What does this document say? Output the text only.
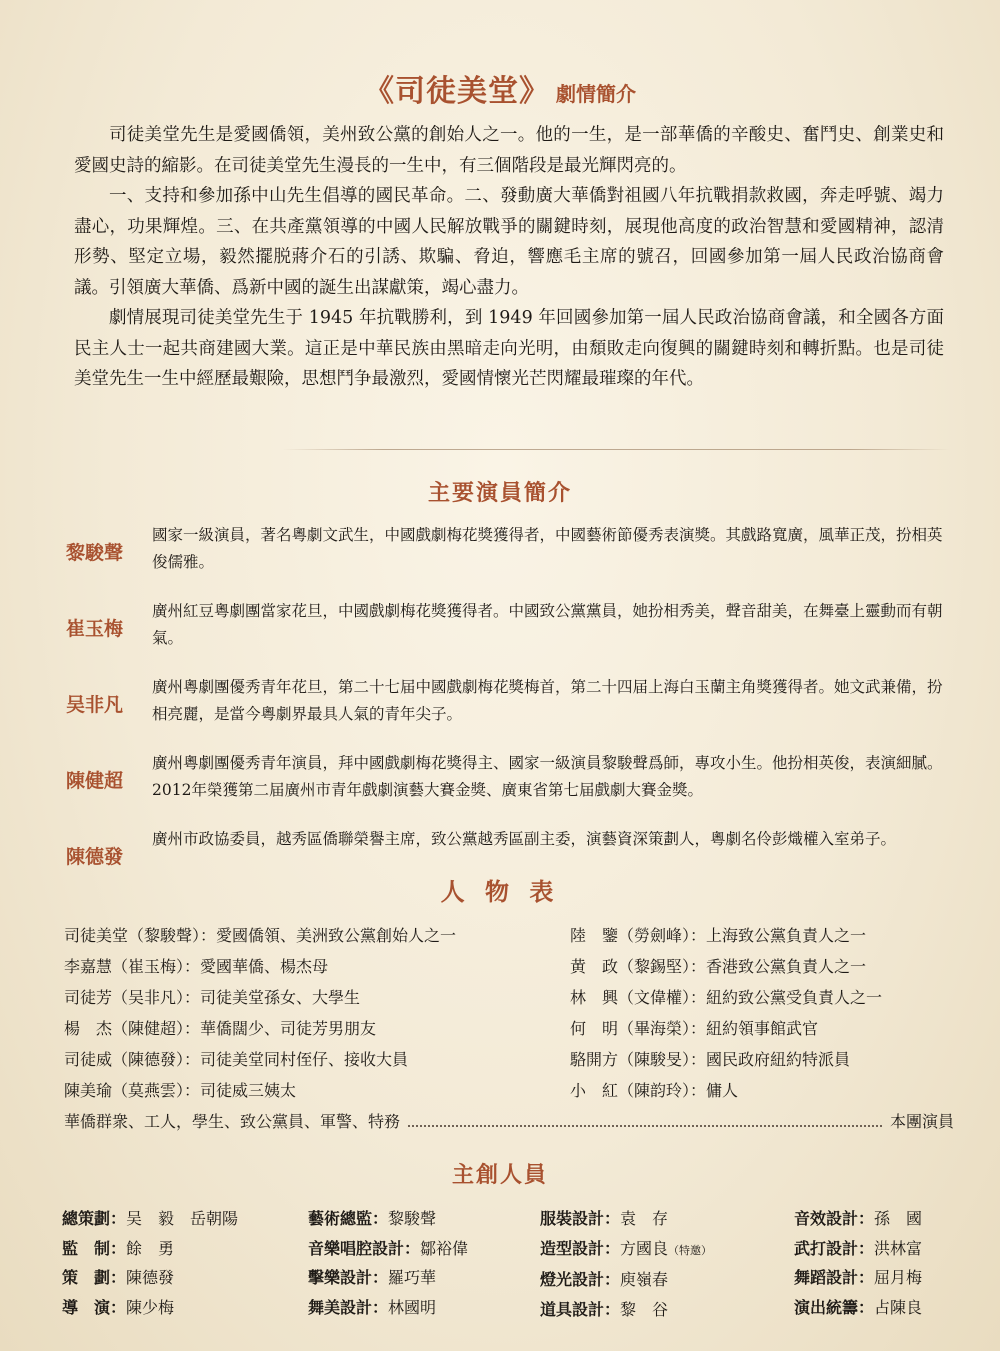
《司徒美堂》 劇情簡介

司徒美堂先生是愛國僑領，美州致公黨的創始人之一。他的一生，是一部華僑的辛酸史、奮鬥史、創業史和愛國史詩的縮影。在司徒美堂先生漫長的一生中，有三個階段是最光輝閃亮的。

一、支持和參加孫中山先生倡導的國民革命。二、發動廣大華僑對祖國八年抗戰捐款救國，奔走呼號、竭力盡心，功果輝煌。三、在共產黨領導的中國人民解放戰爭的關鍵時刻，展現他高度的政治智慧和愛國精神，認清形勢、堅定立場，毅然擺脱蔣介石的引誘、欺騙、脅迫，響應毛主席的號召，回國參加第一屆人民政治協商會議。引領廣大華僑、爲新中國的誕生出謀獻策，竭心盡力。

劇情展現司徒美堂先生于 1945 年抗戰勝利，到 1949 年回國參加第一屆人民政治協商會議，和全國各方面民主人士一起共商建國大業。這正是中華民族由黑暗走向光明，由頹敗走向復興的關鍵時刻和轉折點。也是司徒美堂先生一生中經歷最艱險，思想鬥争最激烈，愛國情懷光芒閃耀最璀璨的年代。

主要演員簡介
黎駿聲
國家一級演員，著名粵劇文武生，中國戲劇梅花獎獲得者，中國藝術節優秀表演獎。其戲路寬廣，風華正茂，扮相英俊儒雅。
崔玉梅
廣州紅豆粵劇團當家花旦，中國戲劇梅花獎獲得者。中國致公黨黨員，她扮相秀美，聲音甜美，在舞臺上靈動而有朝氣。
吴非凡
廣州粵劇團優秀青年花旦，第二十七届中國戲劇梅花獎梅首，第二十四届上海白玉蘭主角獎獲得者。她文武兼備，扮相亮麗，是當今粵劇界最具人氣的青年尖子。
陳健超
廣州粵劇團優秀青年演員，拜中國戲劇梅花獎得主、國家一級演員黎駿聲爲師，專攻小生。他扮相英俊，表演細膩。2012年榮獲第二届廣州市青年戲劇演藝大賽金獎、廣東省第七届戲劇大賽金獎。
陳德發
廣州市政協委員，越秀區僑聯榮譽主席，致公黨越秀區副主委，演藝資深策劃人，粵劇名伶彭熾權入室弟子。
人 物 表
司徒美堂（黎駿聲）：愛國僑領、美洲致公黨創始人之一
李嘉慧（崔玉梅）：愛國華僑、楊杰母
司徒芳（吴非凡）：司徒美堂孫女、大學生
楊　杰（陳健超）：華僑闊少、司徒芳男朋友
司徒威（陳德發）：司徒美堂同村侄仔、接收大員
陳美瑜（莫燕雲）：司徒威三姨太
陸　鑒（勞劍峰）：上海致公黨負責人之一
黄　政（黎錫堅）：香港致公黨負責人之一
林　興（文偉權）：紐約致公黨受負責人之一
何　明（畢海榮）：紐約領事館武官
駱開方（陳駿旻）：國民政府紐約特派員
小　紅（陳韵玲）：傭人
華僑群衆、工人，學生、致公黨員、軍警、特務	本團演員
主創人員
總策劃：吴　毅　岳朝陽
監　制：餘　勇
策　劃：陳德發
導　演：陳少梅
藝術總監：黎駿聲
音樂唱腔設計：鄒裕偉
擊樂設計：羅巧華
舞美設計：林國明
服裝設計：袁　存
造型設計：方國良（特邀）
燈光設計：庾嶺春
道具設計：黎　谷
音效設計：孫　國
武打設計：洪林富
舞蹈設計：屈月梅
演出統籌：占陳良
